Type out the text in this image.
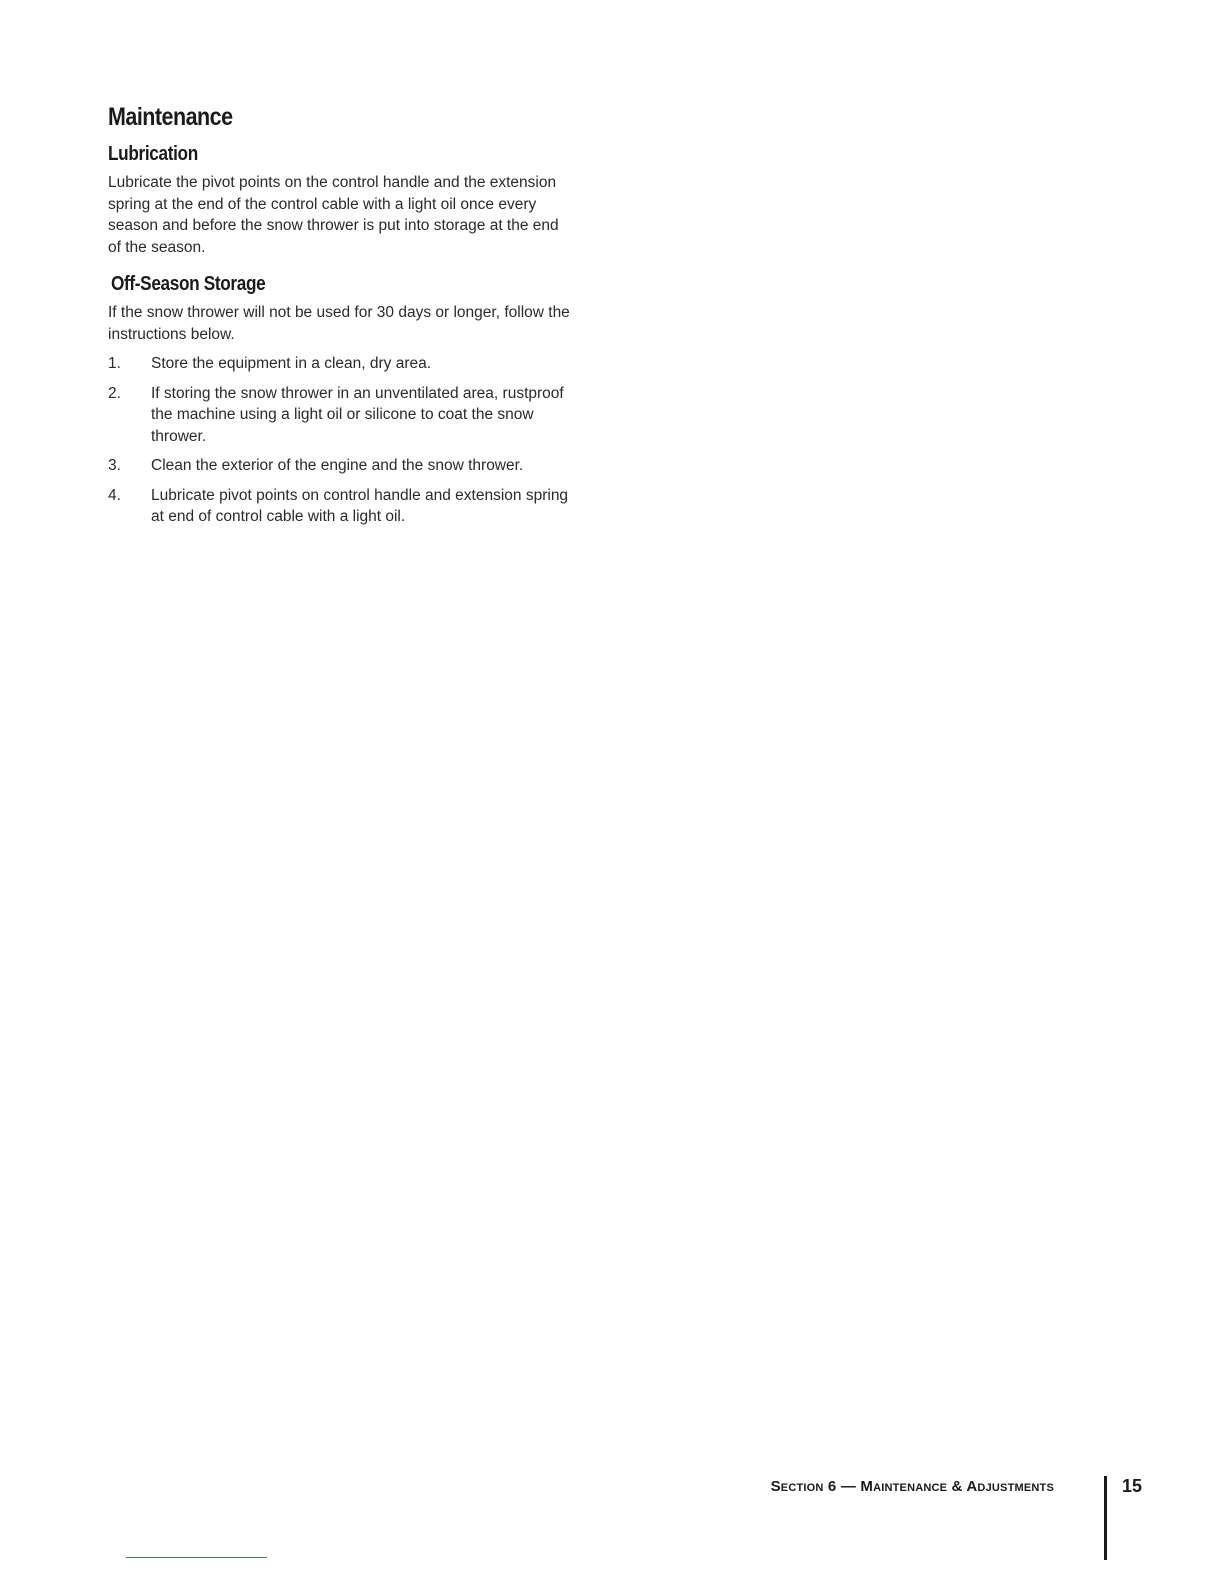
Maintenance
Lubrication

Lubricate the pivot points on the control handle and the extension spring at the end of the control cable with a light oil once every season and before the snow thrower is put into storage at the end of the season.

Off-Season Storage

If the snow thrower will not be used for 30 days or longer, follow the instructions below.

1.	Store the equipment in a clean, dry area.
2.	If storing the snow thrower in an unventilated area, rustproof the machine using a light oil or silicone to coat the snow thrower.
3.	Clean the exterior of the engine and the snow thrower.
4.	Lubricate pivot points on control handle and extension spring at end of control cable with a light oil.
Section 6 — Maintenance & Adjustments	15
